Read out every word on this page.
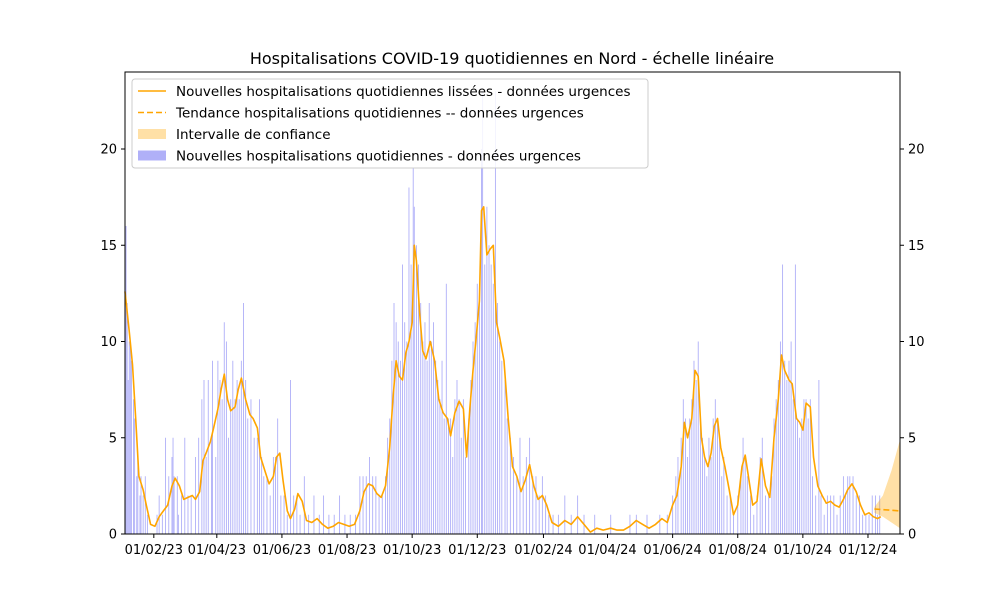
Hospitalisations COVID-19 quotidiennes en Nord - échelle linéaire
0
5
10
15
20
0
5
10
15
20
01/02/23 01/04/23 01/06/23 01/08/23 01/10/23 01/12/23 01/02/24 01/04/24 01/06/24 01/08/24 01/10/24 01/12/24
Nouvelles hospitalisations quotidiennes lissées - données urgences
Tendance hospitalisations quotidiennes -- données urgences
Intervalle de confiance
Nouvelles hospitalisations quotidiennes - données urgences
